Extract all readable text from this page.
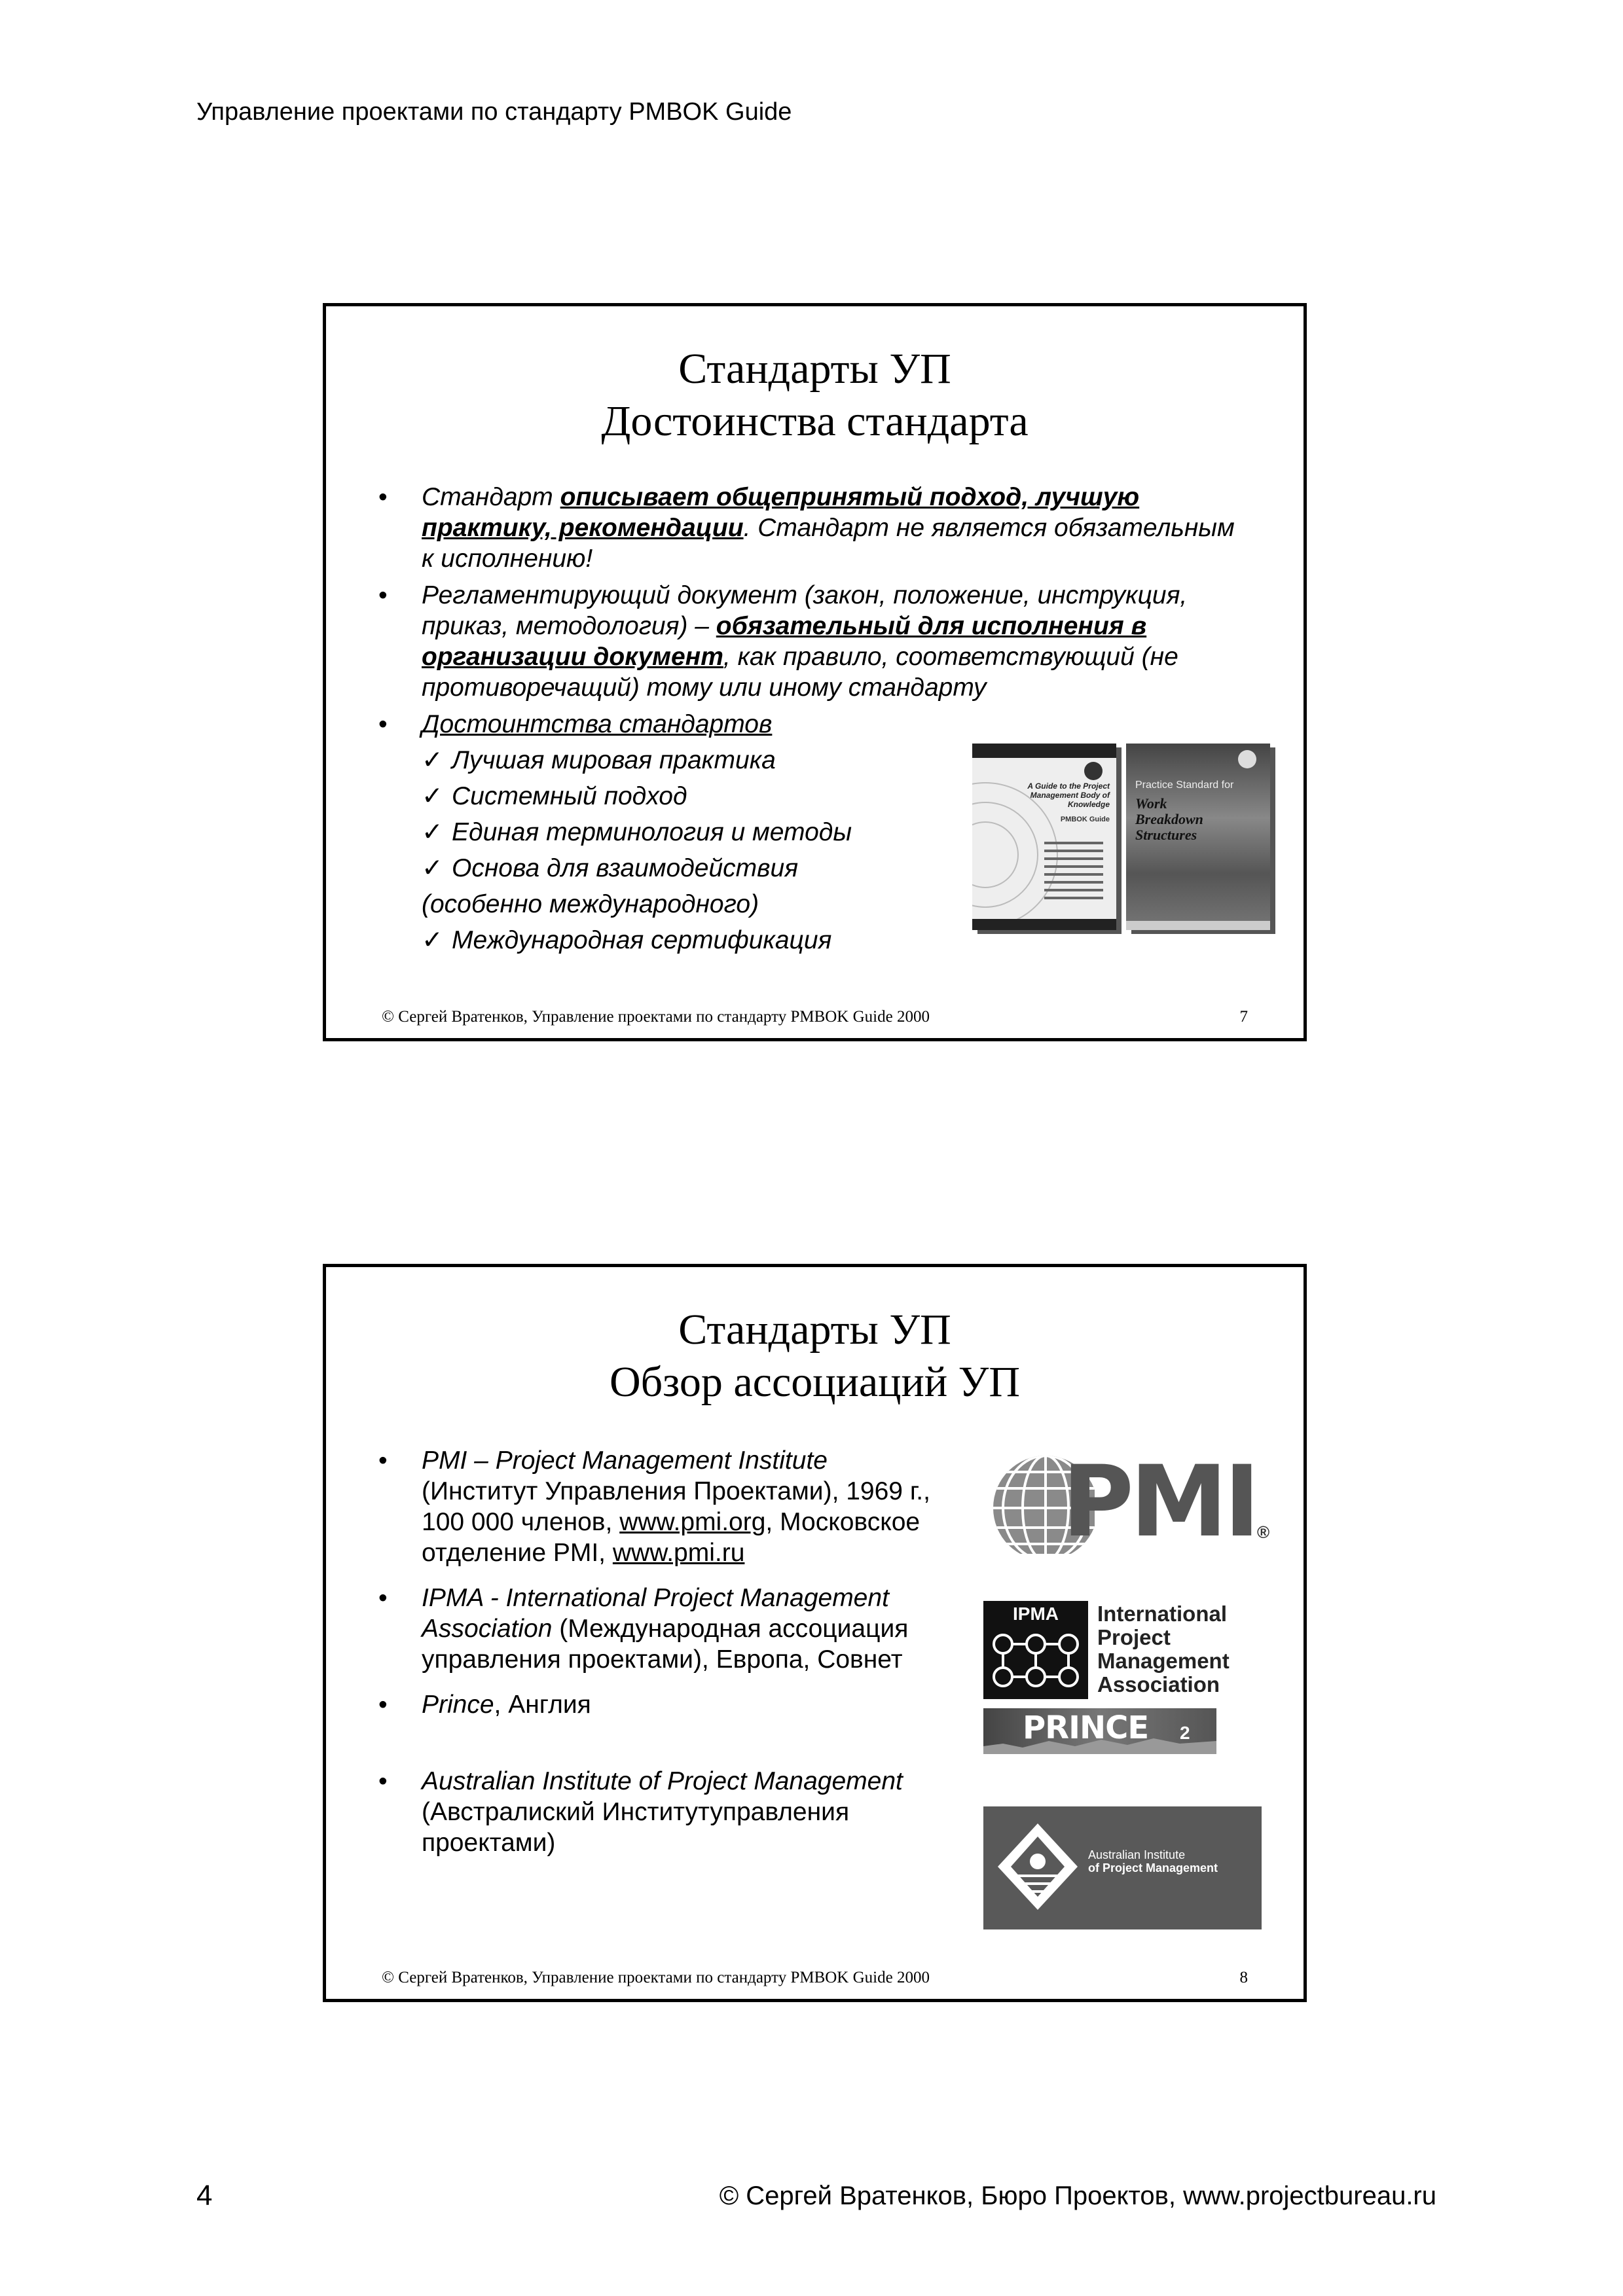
Управление проектами по стандарту PMBOK Guide
Стандарты УП
Достоинства стандарта
• Стандарт описывает общепринятый подход, лучшую практику, рекомендации. Стандарт не является обязательным к исполнению!
• Регламентирующий документ (закон, положение, инструкция, приказ, методология) – обязательный для исполнения в организации документ, как правило, соответствующий (не противоречащий) тому или иному стандарту
• Достоинтства стандартов
✓ Лучшая мировая практика
✓ Системный подход
✓ Единая терминология и методы
✓ Основа для взаимодействия
(особенно международного)
✓ Международная сертификация
A Guide to the Project Management Body of Knowledge
PMBOK Guide
Practice Standard for
Work Breakdown Structures
© Сергей Вратенков, Управление проектами по стандарту PMBOK Guide 2000	7
Стандарты УП
Обзор ассоциаций УП
• PMI – Project Management Institute (Институт Управления Проектами), 1969 г., 100 000 членов, www.pmi.org, Московское отделение PMI, www.pmi.ru
• IPMA - International Project Management Association (Международная ассоциация управления проектами), Европа, Совнет
• Prince, Англия
• Australian Institute of Project Management (Австралиский Институтуправления проектами)
PMI ®
IPMA	International
Project
Management
Association
PRINCE 2
Australian Institute
of Project Management
© Сергей Вратенков, Управление проектами по стандарту PMBOK Guide 2000	8
4	© Сергей Вратенков, Бюро Проектов, www.projectbureau.ru
